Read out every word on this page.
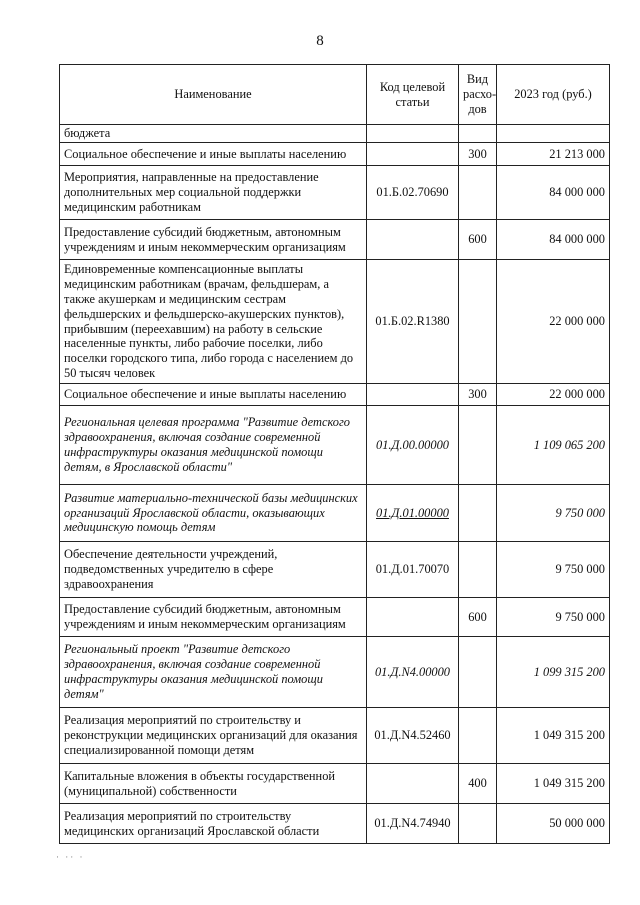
8
Наименование	Код целевой статьи	Вид расхо-дов	2023 год (руб.)
бюджета			
Социальное обеспечение и иные выплаты населению		300	21 213 000
Мероприятия, направленные на предоставление дополнительных мер социальной поддержки медицинским работникам	01.Б.02.70690		84 000 000
Предоставление субсидий бюджетным, автономным учреждениям и иным некоммерческим организациям		600	84 000 000
Единовременные компенсационные выплаты медицинским работникам (врачам, фельдшерам, а также акушеркам и медицинским сестрам фельдшерских и фельдшерско-акушерских пунктов), прибывшим (переехавшим) на работу в сельские населенные пункты, либо рабочие поселки, либо поселки городского типа, либо города с населением до 50 тысяч человек	01.Б.02.R1380		22 000 000
Социальное обеспечение и иные выплаты населению		300	22 000 000
Региональная целевая программа "Развитие детского здравоохранения, включая создание современной инфраструктуры оказания медицинской помощи детям, в Ярославской области"	01.Д.00.00000		1 109 065 200
Развитие материально-технической базы медицинских организаций Ярославской области, оказывающих медицинскую помощь детям	01.Д.01.00000		9 750 000
Обеспечение деятельности учреждений, подведомственных учредителю в сфере здравоохранения	01.Д.01.70070		9 750 000
Предоставление субсидий бюджетным, автономным учреждениям и иным некоммерческим организациям		600	9 750 000
Региональный проект "Развитие детского здравоохранения, включая создание современной инфраструктуры оказания медицинской помощи детям"	01.Д.N4.00000		1 099 315 200
Реализация мероприятий по строительству и реконструкции медицинских организаций для оказания специализированной помощи детям	01.Д.N4.52460		1 049 315 200
Капитальные вложения в объекты государственной (муниципальной) собственности		400	1 049 315 200
Реализация мероприятий по строительству медицинских организаций Ярославской области	01.Д.N4.74940		50 000 000
· ·· ·
